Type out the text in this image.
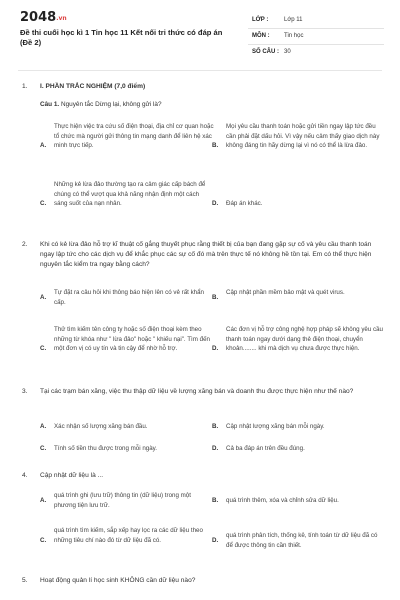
2048.vn
Đề thi cuối học kì 1 Tin học 11 Kết nối tri thức có đáp án (Đề 2)
LỚP :	Lớp 11
MÔN : Tin học
SỐ CÂU : 30
1. I. PHẦN TRẮC NGHIỆM (7,0 điểm)
Câu 1. Nguyên tắc Dừng lại, không gửi là?
A.
Thực hiện việc tra cứu số điện thoại, địa chỉ cơ quan hoặc tổ chức mà người gửi thông tin mạng danh để liên hệ xác minh trực tiếp.	B.
Mọi yêu cầu thanh toán hoặc gửi tiền ngay lập tức đều cần phải đặt dấu hỏi. Vì vậy nếu cảm thấy giao dịch này không đáng tin hãy dừng lại vì nó có thể là lừa đảo.
C.
Những kẻ lừa đảo thường tạo ra cảm giác cấp bách để chúng có thể vượt qua khả năng nhận định một cách sáng suốt của nạn nhân.	D. Đáp án khác.
2. Khi có kẻ lừa đảo hỗ trợ kĩ thuật cố gắng thuyết phục rằng thiết bị của bạn đang gặp sự cố và yêu cầu thanh toán ngay lập tức cho các dịch vụ để khắc phục các sự cố đó mà trên thực tế nó không hề tồn tại. Em có thể thực hiện nguyên tắc kiểm tra ngay bằng cách?
A.
Tự đặt ra câu hỏi khi thông báo hiện lên có vẻ rất khẩn cấp.
B.
Cập nhật phần mềm bảo mật và quét virus.
C.
Thử tìm kiếm tên công ty hoặc số điện thoại kèm theo những từ khóa như " lừa đảo" hoặc " khiếu nại". Tìm đến một đơn vị có uy tín và tin cậy để nhờ hỗ trợ.	D.
Các đơn vị hỗ trợ công nghệ hợp pháp sẽ không yêu cầu thanh toán ngay dưới dạng thẻ điện thoại, chuyển khoản........ khi mà dịch vụ chưa được thực hiện.
3. Tại các trạm bán xăng, việc thu thập dữ liệu về lượng xăng bán và doanh thu được thực hiện như thế nào?
A. Xác nhận số lượng xăng bán đầu.	B. Cập nhật lượng xăng bán mỗi ngày.
C. Tính số tiền thu được trong mỗi ngày.	D. Cả ba đáp án trên đều đúng.
4. Cập nhật dữ liệu là ...
A.
quá trình ghi (lưu trữ) thông tin (dữ liệu) trong một phương tiện lưu trữ.
B. quá trình thêm, xóa và chỉnh sửa dữ liệu.
C.
quá trình tìm kiếm, sắp xếp hay lọc ra các dữ liệu theo những tiêu chí nào đó từ dữ liệu đã có.	D.
quá trình phân tích, thống kê, tính toán từ dữ liệu đã có để được thông tin cần thiết.
5. Hoạt động quản lí học sinh KHÔNG cần dữ liệu nào?
